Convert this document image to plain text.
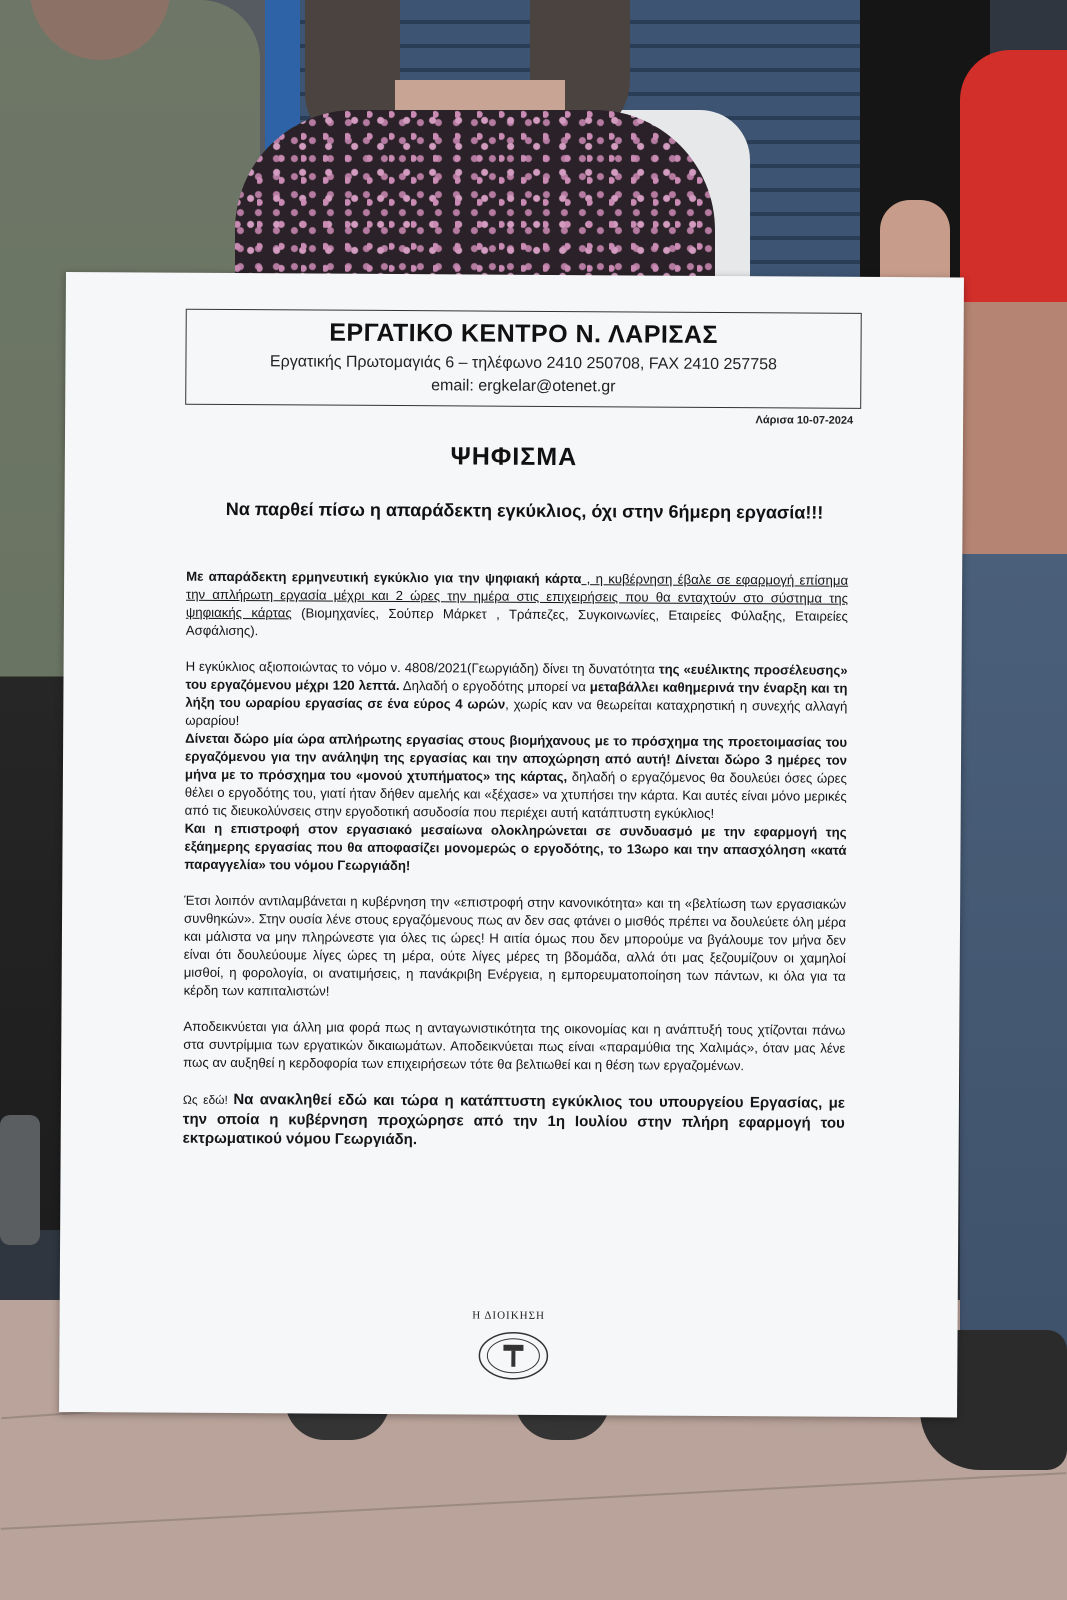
ΕΡΓΑΤΙΚΟ ΚΕΝΤΡΟ Ν. ΛΑΡΙΣΑΣ
Εργατικής Πρωτομαγιάς 6 – τηλέφωνο 2410 250708, FAX 2410 257758
email: ergkelar@otenet.gr
Λάρισα 10-07-2024
ΨΗΦΙΣΜΑ
Να παρθεί πίσω η απαράδεκτη εγκύκλιος, όχι στην 6ήμερη εργασία!!!

Με απαράδεκτη ερμηνευτική εγκύκλιο για την ψηφιακή κάρτα , η κυβέρνηση έβαλε σε εφαρμογή επίσημα την απλήρωτη εργασία μέχρι και 2 ώρες την ημέρα στις επιχειρήσεις που θα ενταχτούν στο σύστημα της ψηφιακής κάρτας (Βιομηχανίες, Σούπερ Μάρκετ , Τράπεζες, Συγκοινωνίες, Εταιρείες Φύλαξης, Εταιρείες Ασφάλισης).

Η εγκύκλιος αξιοποιώντας το νόμο ν. 4808/2021(Γεωργιάδη) δίνει τη δυνατότητα της «ευέλικτης προσέλευσης» του εργαζόμενου μέχρι 120 λεπτά. Δηλαδή ο εργοδότης μπορεί να μεταβάλλει καθημερινά την έναρξη και τη λήξη του ωραρίου εργασίας σε ένα εύρος 4 ωρών, χωρίς καν να θεωρείται καταχρηστική η συνεχής αλλαγή ωραρίου!
Δίνεται δώρο μία ώρα απλήρωτης εργασίας στους βιομήχανους με το πρόσχημα της προετοιμασίας του εργαζόμενου για την ανάληψη της εργασίας και την αποχώρηση από αυτή! Δίνεται δώρο 3 ημέρες τον μήνα με το πρόσχημα του «μονού χτυπήματος» της κάρτας, δηλαδή ο εργαζόμενος θα δουλεύει όσες ώρες θέλει ο εργοδότης του, γιατί ήταν δήθεν αμελής και «ξέχασε» να χτυπήσει την κάρτα. Και αυτές είναι μόνο μερικές από τις διευκολύνσεις στην εργοδοτική ασυδοσία που περιέχει αυτή κατάπτυστη εγκύκλιος!
Και η επιστροφή στον εργασιακό μεσαίωνα ολοκληρώνεται σε συνδυασμό με την εφαρμογή της εξάημερης εργασίας που θα αποφασίζει μονομερώς ο εργοδότης, το 13ωρο και την απασχόληση «κατά παραγγελία» του νόμου Γεωργιάδη!

Έτσι λοιπόν αντιλαμβάνεται η κυβέρνηση την «επιστροφή στην κανονικότητα» και τη «βελτίωση των εργασιακών συνθηκών». Στην ουσία λένε στους εργαζόμενους πως αν δεν σας φτάνει ο μισθός πρέπει να δουλεύετε όλη μέρα και μάλιστα να μην πληρώνεστε για όλες τις ώρες! Η αιτία όμως που δεν μπορούμε να βγάλουμε τον μήνα δεν είναι ότι δουλεύουμε λίγες ώρες τη μέρα, ούτε λίγες μέρες τη βδομάδα, αλλά ότι μας ξεζουμίζουν οι χαμηλοί μισθοί, η φορολογία, οι ανατιμήσεις, η πανάκριβη Ενέργεια, η εμπορευματοποίηση των πάντων, κι όλα για τα κέρδη των καπιταλιστών!

Αποδεικνύεται για άλλη μια φορά πως η ανταγωνιστικότητα της οικονομίας και η ανάπτυξή τους χτίζονται πάνω στα συντρίμμια των εργατικών δικαιωμάτων. Αποδεικνύεται πως είναι «παραμύθια της Χαλιμάς», όταν μας λένε πως αν αυξηθεί η κερδοφορία των επιχειρήσεων τότε θα βελτιωθεί και η θέση των εργαζομένων.

Ως εδώ! Να ανακληθεί εδώ και τώρα η κατάπτυστη εγκύκλιος του υπουργείου Εργασίας, με την οποία η κυβέρνηση προχώρησε από την 1η Ιουλίου στην πλήρη εφαρμογή του εκτρωματικού νόμου Γεωργιάδη.

Η ΔΙΟΙΚΗΣΗ
